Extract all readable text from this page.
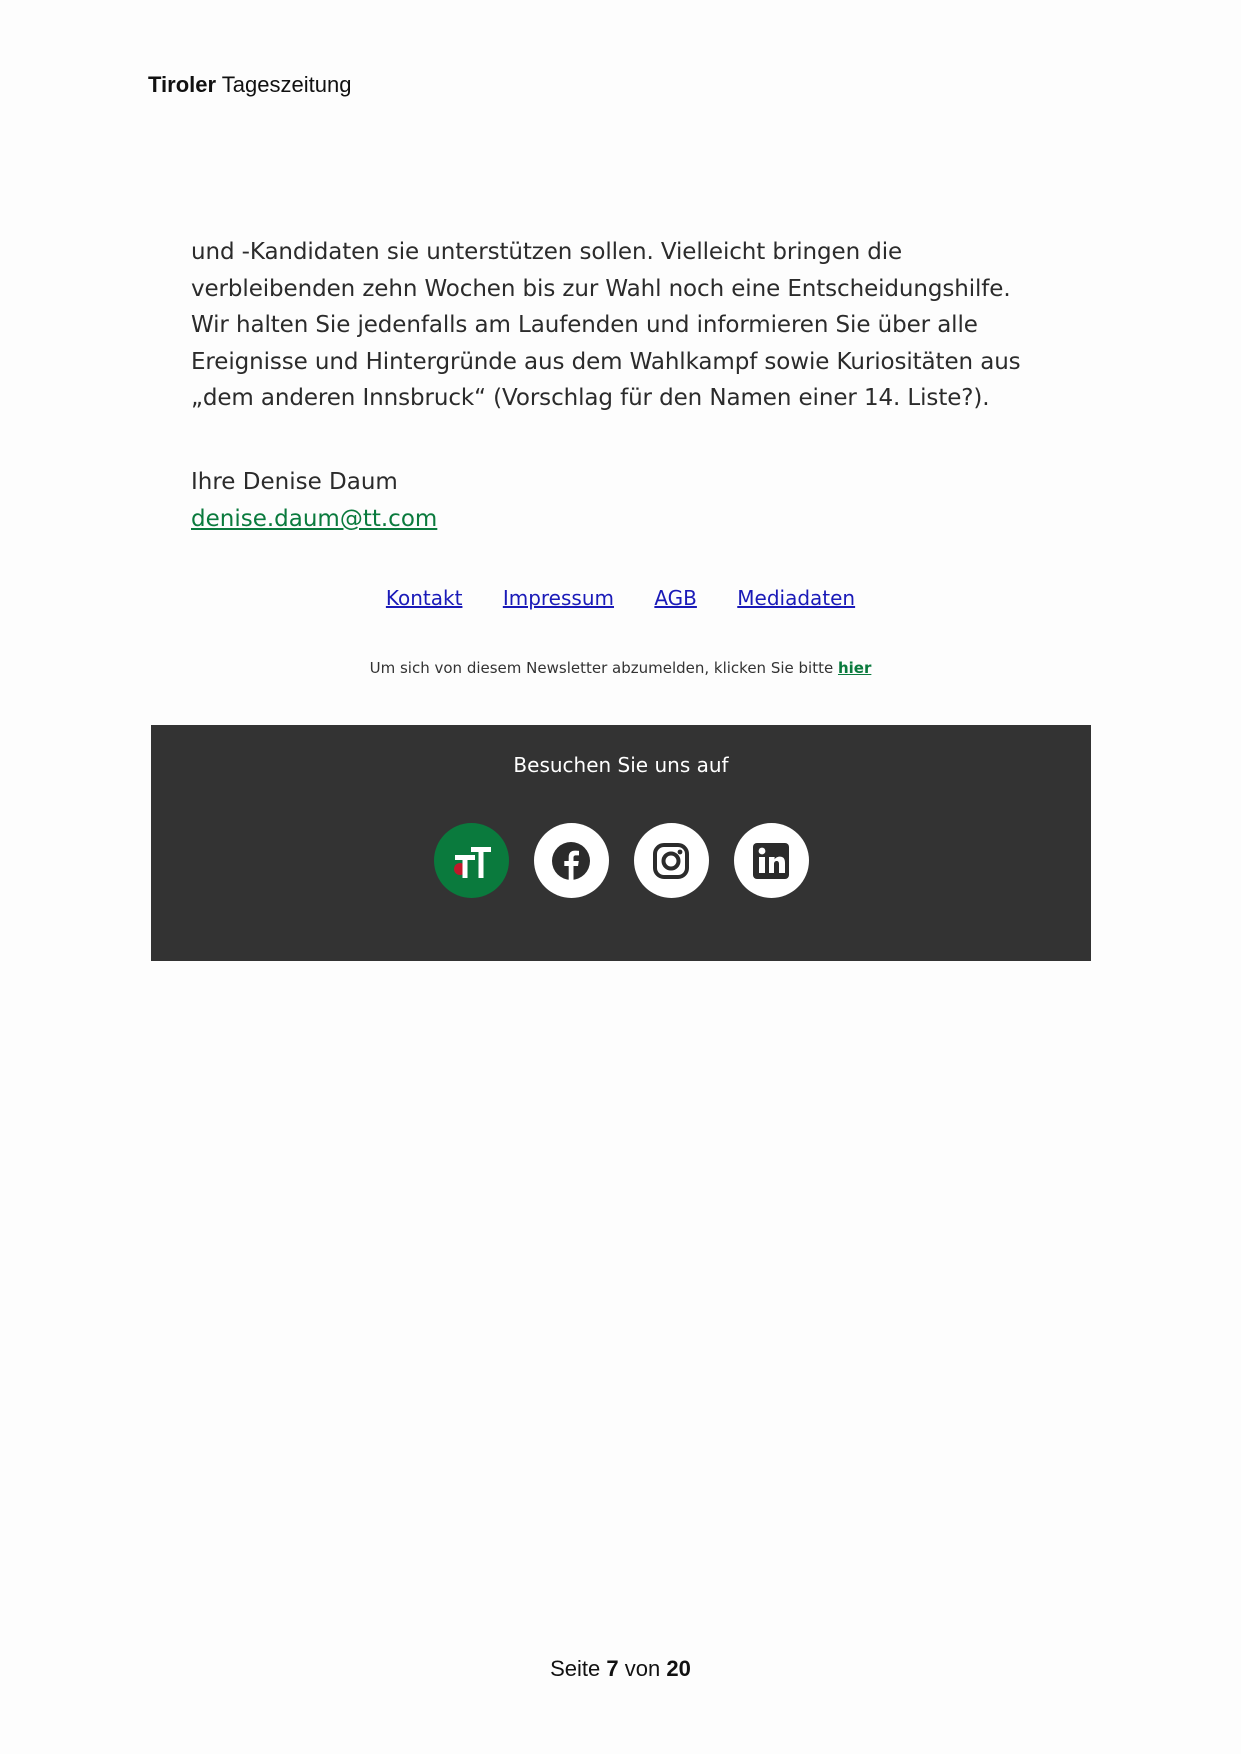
Tiroler Tageszeitung

und -Kandidaten sie unterstützen sollen. Vielleicht bringen die

verbleibenden zehn Wochen bis zur Wahl noch eine Entscheidungshilfe.

Wir halten Sie jedenfalls am Laufenden und informieren Sie über alle

Ereignisse und Hintergründe aus dem Wahlkampf sowie Kuriositäten aus

„dem anderen Innsbruck“ (Vorschlag für den Namen einer 14. Liste?).

Ihre Denise Daum
denise.daum@tt.com
Kontakt Impressum AGB Mediadaten
Um sich von diesem Newsletter abzumelden, klicken Sie bitte hier
Besuchen Sie uns auf
Seite 7 von 20
